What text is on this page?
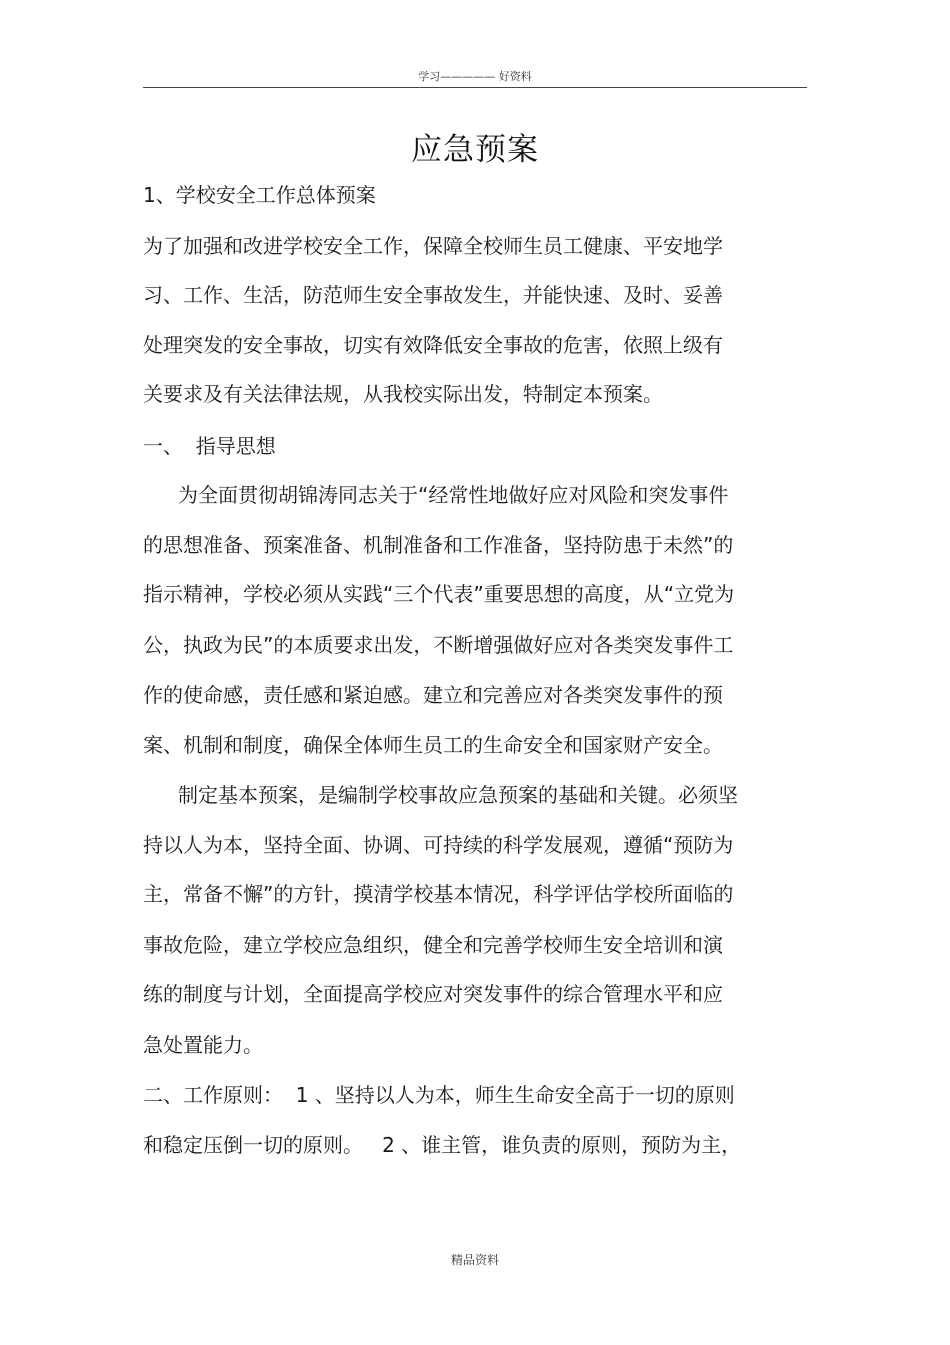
学习————— 好资料
应急预案
1、学校安全工作总体预案
为了加强和改进学校安全工作，保障全校师生员工健康、平安地学
习、工作、生活，防范师生安全事故发生，并能快速、及时、妥善
处理突发的安全事故，切实有效降低安全事故的危害，依照上级有
关要求及有关法律法规，从我校实际出发，特制定本预案。
一、  指导思想
为全面贯彻胡锦涛同志关于“经常性地做好应对风险和突发事件
的思想准备、预案准备、机制准备和工作准备，坚持防患于未然”的
指示精神，学校必须从实践“三个代表”重要思想的高度，从“立党为
公，执政为民”的本质要求出发，不断增强做好应对各类突发事件工
作的使命感，责任感和紧迫感。建立和完善应对各类突发事件的预
案、机制和制度，确保全体师生员工的生命安全和国家财产安全。
制定基本预案，是编制学校事故应急预案的基础和关键。必须坚
持以人为本，坚持全面、协调、可持续的科学发展观，遵循“预防为
主，常备不懈”的方针，摸清学校基本情况，科学评估学校所面临的
事故危险，建立学校应急组织，健全和完善学校师生安全培训和演
练的制度与计划，全面提高学校应对突发事件的综合管理水平和应
急处置能力。
二、工作原则：  1 、坚持以人为本，师生生命安全高于一切的原则
和稳定压倒一切的原则。   2 、谁主管，谁负责的原则，预防为主，
精品资料
